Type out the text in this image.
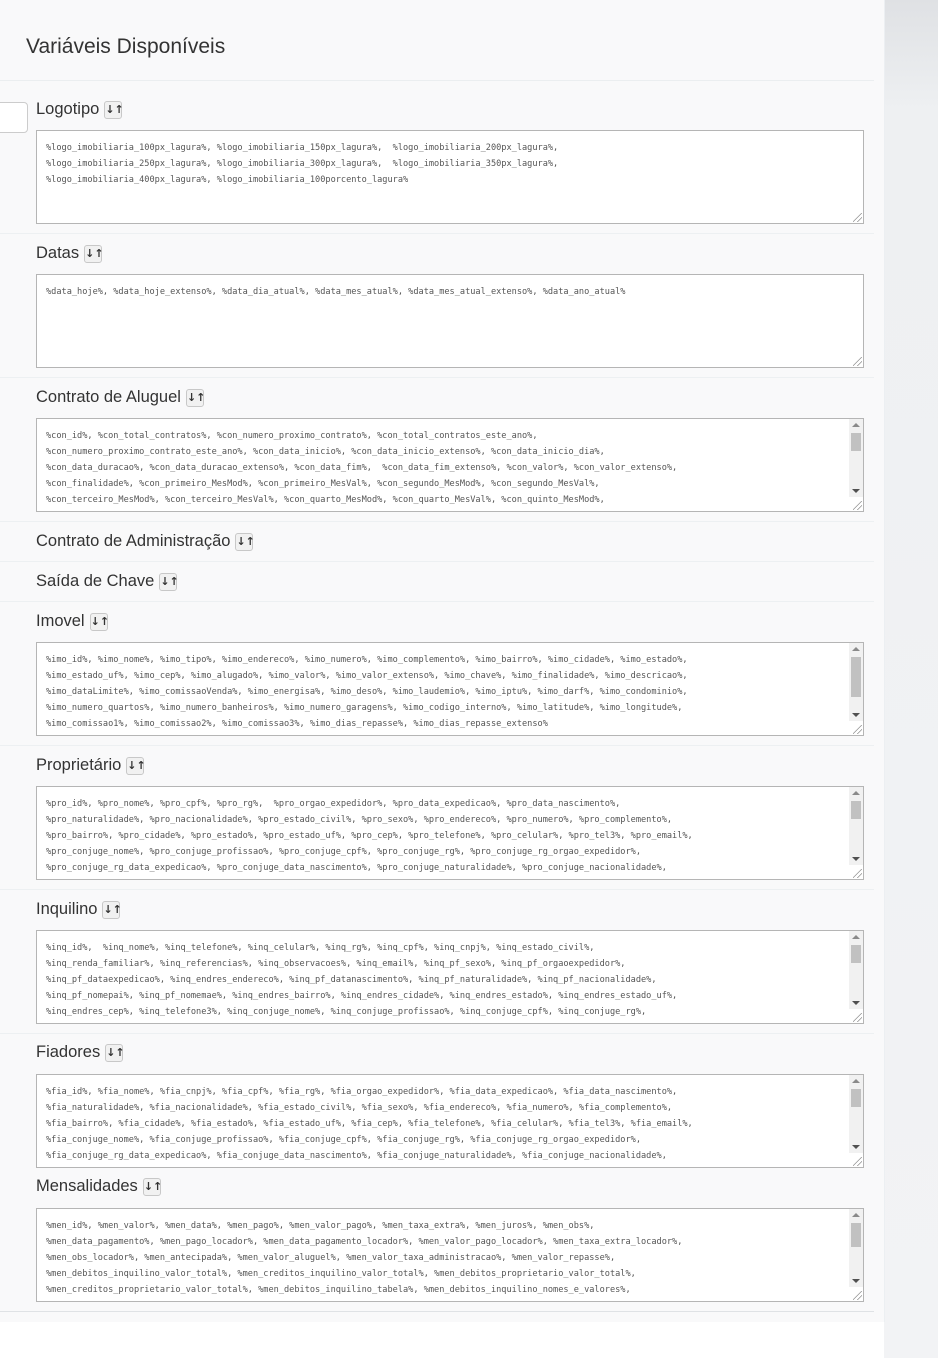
Variáveis Disponíveis
Logotipo ↓↑
%logo_imobiliaria_100px_lagura%, %logo_imobiliaria_150px_lagura%,  %logo_imobiliaria_200px_lagura%,
%logo_imobiliaria_250px_lagura%, %logo_imobiliaria_300px_lagura%,  %logo_imobiliaria_350px_lagura%,
%logo_imobiliaria_400px_lagura%, %logo_imobiliaria_100porcento_lagura%
Datas ↓↑
%data_hoje%, %data_hoje_extenso%, %data_dia_atual%, %data_mes_atual%, %data_mes_atual_extenso%, %data_ano_atual%
Contrato de Aluguel ↓↑
%con_id%, %con_total_contratos%, %con_numero_proximo_contrato%, %con_total_contratos_este_ano%,
%con_numero_proximo_contrato_este_ano%, %con_data_inicio%, %con_data_inicio_extenso%, %con_data_inicio_dia%,
%con_data_duracao%, %con_data_duracao_extenso%, %con_data_fim%,  %con_data_fim_extenso%, %con_valor%, %con_valor_extenso%,
%con_finalidade%, %con_primeiro_MesMod%, %con_primeiro_MesVal%, %con_segundo_MesMod%, %con_segundo_MesVal%,
%con_terceiro_MesMod%, %con_terceiro_MesVal%, %con_quarto_MesMod%, %con_quarto_MesVal%, %con_quinto_MesMod%,
Contrato de Administração ↓↑
Saída de Chave ↓↑
Imovel ↓↑
%imo_id%, %imo_nome%, %imo_tipo%, %imo_endereco%, %imo_numero%, %imo_complemento%, %imo_bairro%, %imo_cidade%, %imo_estado%,
%imo_estado_uf%, %imo_cep%, %imo_alugado%, %imo_valor%, %imo_valor_extenso%, %imo_chave%, %imo_finalidade%, %imo_descricao%,
%imo_dataLimite%, %imo_comissaoVenda%, %imo_energisa%, %imo_deso%, %imo_laudemio%, %imo_iptu%, %imo_darf%, %imo_condominio%,
%imo_numero_quartos%, %imo_numero_banheiros%, %imo_numero_garagens%, %imo_codigo_interno%, %imo_latitude%, %imo_longitude%,
%imo_comissao1%, %imo_comissao2%, %imo_comissao3%, %imo_dias_repasse%, %imo_dias_repasse_extenso%
Proprietário ↓↑
%pro_id%, %pro_nome%, %pro_cpf%, %pro_rg%,  %pro_orgao_expedidor%, %pro_data_expedicao%, %pro_data_nascimento%,
%pro_naturalidade%, %pro_nacionalidade%, %pro_estado_civil%, %pro_sexo%, %pro_endereco%, %pro_numero%, %pro_complemento%,
%pro_bairro%, %pro_cidade%, %pro_estado%, %pro_estado_uf%, %pro_cep%, %pro_telefone%, %pro_celular%, %pro_tel3%, %pro_email%,
%pro_conjuge_nome%, %pro_conjuge_profissao%, %pro_conjuge_cpf%, %pro_conjuge_rg%, %pro_conjuge_rg_orgao_expedidor%,
%pro_conjuge_rg_data_expedicao%, %pro_conjuge_data_nascimento%, %pro_conjuge_naturalidade%, %pro_conjuge_nacionalidade%,
Inquilino ↓↑
%inq_id%,  %inq_nome%, %inq_telefone%, %inq_celular%, %inq_rg%, %inq_cpf%, %inq_cnpj%, %inq_estado_civil%,
%inq_renda_familiar%, %inq_referencias%, %inq_observacoes%, %inq_email%, %inq_pf_sexo%, %inq_pf_orgaoexpedidor%,
%inq_pf_dataexpedicao%, %inq_endres_endereco%, %inq_pf_datanascimento%, %inq_pf_naturalidade%, %inq_pf_nacionalidade%,
%inq_pf_nomepai%, %inq_pf_nomemae%, %inq_endres_bairro%, %inq_endres_cidade%, %inq_endres_estado%, %inq_endres_estado_uf%,
%inq_endres_cep%, %inq_telefone3%, %inq_conjuge_nome%, %inq_conjuge_profissao%, %inq_conjuge_cpf%, %inq_conjuge_rg%,
Fiadores ↓↑
%fia_id%, %fia_nome%, %fia_cnpj%, %fia_cpf%, %fia_rg%, %fia_orgao_expedidor%, %fia_data_expedicao%, %fia_data_nascimento%,
%fia_naturalidade%, %fia_nacionalidade%, %fia_estado_civil%, %fia_sexo%, %fia_endereco%, %fia_numero%, %fia_complemento%,
%fia_bairro%, %fia_cidade%, %fia_estado%, %fia_estado_uf%, %fia_cep%, %fia_telefone%, %fia_celular%, %fia_tel3%, %fia_email%,
%fia_conjuge_nome%, %fia_conjuge_profissao%, %fia_conjuge_cpf%, %fia_conjuge_rg%, %fia_conjuge_rg_orgao_expedidor%,
%fia_conjuge_rg_data_expedicao%, %fia_conjuge_data_nascimento%, %fia_conjuge_naturalidade%, %fia_conjuge_nacionalidade%,
Mensalidades ↓↑
%men_id%, %men_valor%, %men_data%, %men_pago%, %men_valor_pago%, %men_taxa_extra%, %men_juros%, %men_obs%,
%men_data_pagamento%, %men_pago_locador%, %men_data_pagamento_locador%, %men_valor_pago_locador%, %men_taxa_extra_locador%,
%men_obs_locador%, %men_antecipada%, %men_valor_aluguel%, %men_valor_taxa_administracao%, %men_valor_repasse%,
%men_debitos_inquilino_valor_total%, %men_creditos_inquilino_valor_total%, %men_debitos_proprietario_valor_total%,
%men_creditos_proprietario_valor_total%, %men_debitos_inquilino_tabela%, %men_debitos_inquilino_nomes_e_valores%,
